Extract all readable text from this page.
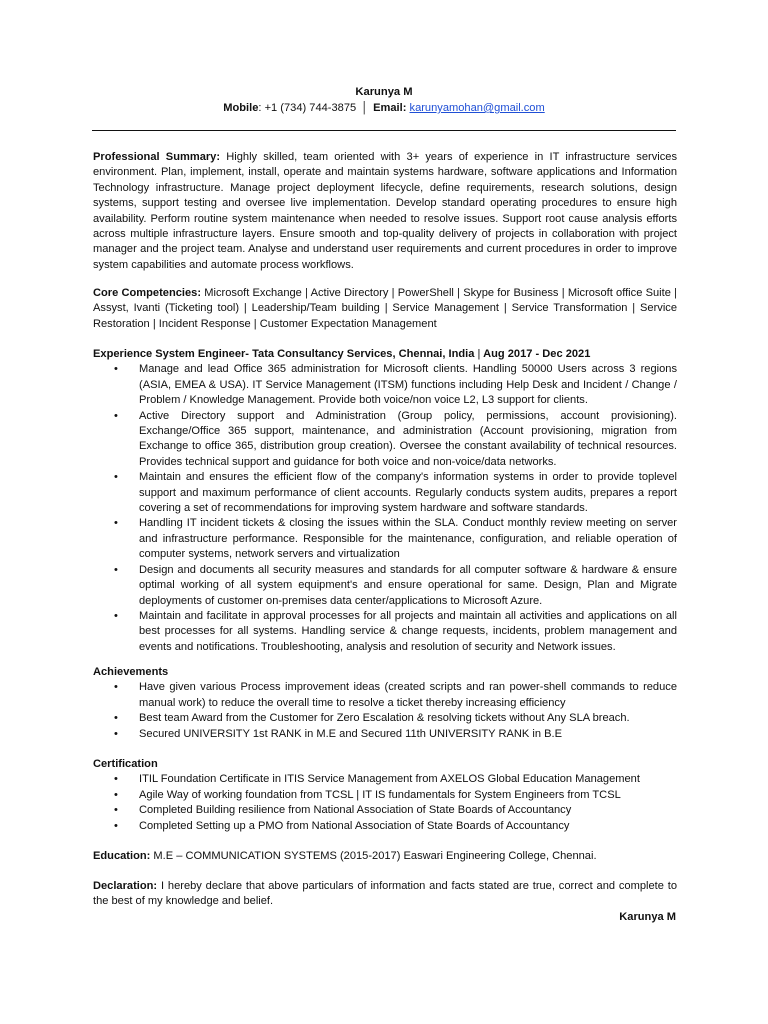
Karunya M
Mobile: +1 (734) 744-3875 │ Email: karunyamohan@gmail.com
Professional Summary: Highly skilled, team oriented with 3+ years of experience in IT infrastructure services environment. Plan, implement, install, operate and maintain systems hardware, software applications and Information Technology infrastructure. Manage project deployment lifecycle, define requirements, research solutions, design systems, support testing and oversee live implementation. Develop standard operating procedures to ensure high availability. Perform routine system maintenance when needed to resolve issues. Support root cause analysis efforts across multiple infrastructure layers. Ensure smooth and top-quality delivery of projects in collaboration with project manager and the project team. Analyse and understand user requirements and current procedures in order to improve system capabilities and automate process workflows.
Core Competencies: Microsoft Exchange | Active Directory | PowerShell | Skype for Business | Microsoft office Suite | Assyst, Ivanti (Ticketing tool) | Leadership/Team building | Service Management | Service Transformation | Service Restoration | Incident Response | Customer Expectation Management
Experience System Engineer- Tata Consultancy Services, Chennai, India | Aug 2017 - Dec 2021
• Manage and lead Office 365 administration for Microsoft clients. Handling 50000 Users across 3 regions (ASIA, EMEA & USA). IT Service Management (ITSM) functions including Help Desk and Incident / Change / Problem / Knowledge Management. Provide both voice/non voice L2, L3 support for clients.
• Active Directory support and Administration (Group policy, permissions, account provisioning). Exchange/Office 365 support, maintenance, and administration (Account provisioning, migration from Exchange to office 365, distribution group creation). Oversee the constant availability of technical resources. Provides technical support and guidance for both voice and non-voice/data networks.
• Maintain and ensures the efficient flow of the company's information systems in order to provide toplevel support and maximum performance of client accounts. Regularly conducts system audits, prepares a report covering a set of recommendations for improving system hardware and software standards.
• Handling IT incident tickets & closing the issues within the SLA. Conduct monthly review meeting on server and infrastructure performance. Responsible for the maintenance, configuration, and reliable operation of computer systems, network servers and virtualization
• Design and documents all security measures and standards for all computer software & hardware & ensure optimal working of all system equipment's and ensure operational for same. Design, Plan and Migrate deployments of customer on-premises data center/applications to Microsoft Azure.
• Maintain and facilitate in approval processes for all projects and maintain all activities and applications on all best processes for all systems. Handling service & change requests, incidents, problem management and events and notifications. Troubleshooting, analysis and resolution of security and Network issues.
Achievements
• Have given various Process improvement ideas (created scripts and ran power-shell commands to reduce manual work) to reduce the overall time to resolve a ticket thereby increasing efficiency
• Best team Award from the Customer for Zero Escalation & resolving tickets without Any SLA breach.
• Secured UNIVERSITY 1st RANK in M.E and Secured 11th UNIVERSITY RANK in B.E
Certification
• ITIL Foundation Certificate in ITIS Service Management from AXELOS Global Education Management
• Agile Way of working foundation from TCSL | IT IS fundamentals for System Engineers from TCSL
• Completed Building resilience from National Association of State Boards of Accountancy
• Completed Setting up a PMO from National Association of State Boards of Accountancy
Education: M.E – COMMUNICATION SYSTEMS (2015-2017) Easwari Engineering College, Chennai.
Declaration: I hereby declare that above particulars of information and facts stated are true, correct and complete to the best of my knowledge and belief.
Karunya M
